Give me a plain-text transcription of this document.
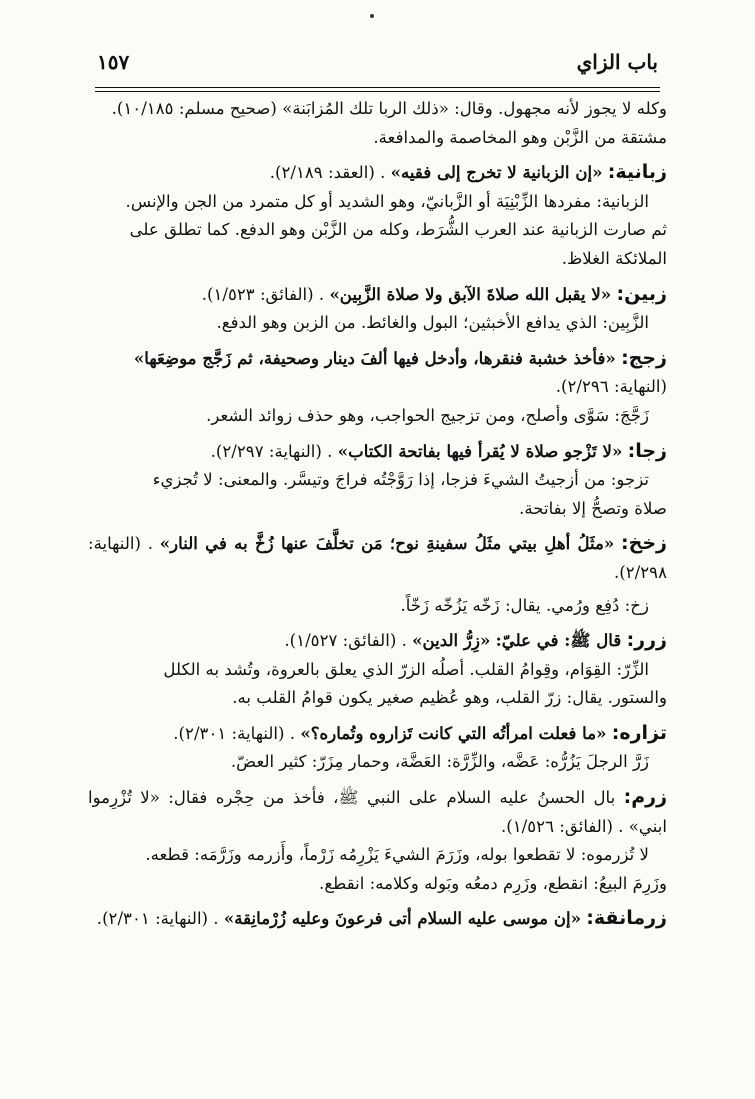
باب الزاي
١٥٧

وكله لا يجوز لأنه مجهول. وقال: «ذلك الربا تلك المُزابَنة» (صحيح مسلم: ١٠/١٨٥).
مشتقة من الزَّبْن وهو المخاصمة والمدافعة.

زبانية: «إن الزبانية لا تخرج إلى فقيه» . (العقد: ٢/١٨٩).

الزبانية: مفردها الزِّبْنِيَة أو الزَّبانيّ، وهو الشديد أو كل متمرد من الجن والإنس.
ثم صارت الزبانية عند العرب الشُّرَط، وكله من الزَّبْن وهو الدفع. كما تطلق على
الملائكة الغلاظ.

زبين: «لا يقبل الله صلاةَ الآبق ولا صلاة الزَّبِين» . (الفائق: ١/٥٢٣).

الزَّبِين: الذي يدافع الأخبثين؛ البول والغائط. من الزبن وهو الدفع.

زجج: «فأخذ خشبة فنقرها، وأدخل فيها ألفَ دينار وصحيفة، ثم زَجَّج موضِعَها»
(النهاية: ٢/٢٩٦).

زَجَّجَ: سَوَّى وأصلح، ومن تزجيج الحواجب، وهو حذف زوائد الشعر.

زجا: «لا تَزْجو صلاة لا يُقرأ فيها بفاتحة الكتاب» . (النهاية: ٢/٢٩٧).

تزجو: من أزجيتُ الشيءَ فزجا، إذا رَوَّجْتُه فراجَ وتيسَّر. والمعنى: لا تُجزيء
صلاة وتصحُّ إلا بفاتحة.

زخخ: «مثَلُ أهلِ بيتي مثَلُ سفينةِ نوح؛ مَن تخلَّفَ عنها زُخَّ به في النار» . (النهاية: ٢/٢٩٨).

زخ: دُفِع ورُمي. يقال: زَخّه يَزُخّه زَخّاً.

زرر: قال ﷺ: في عليّ: «زِرُّ الدين» . (الفائق: ١/٥٢٧).

الزِّرّ: القِوَام، وقِوامُ القلب. أصلُه الزرّ الذي يعلق بالعروة، وتُشد به الكلل
والستور. يقال: زرّ القلب، وهو عُظيم صغير يكون قوامُ القلب به.

تزاره: «ما فعلت امرأتُه التي كانت تَزاروه وتُماره؟» . (النهاية: ٢/٣٠١).

زَرَّ الرجلَ يَزُرُّه: عَضَّه، والزِّرَّة: العَضَّة، وحمار مِزَرّ: كثير العضّ.

زرم: بال الحسنُ عليه السلام على النبي ﷺ، فأخذ من حِجْره فقال: «لا تُزْرِموا ابني» . (الفائق: ١/٥٢٦).

لا تُزرموه: لا تقطعوا بوله، وزَرَمَ الشيءَ يَزْرِمُه زَرْماً، وأَزرمه وزَرَّمَه: قطعه.
وزَرِمَ البيعُ: انقطع، وزَرِم دمعُه وبَوله وكلامه: انقطع.

زرمانقة: «إن موسى عليه السلام أتى فرعونَ وعليه زُرْمانِقة» . (النهاية: ٢/٣٠١).
